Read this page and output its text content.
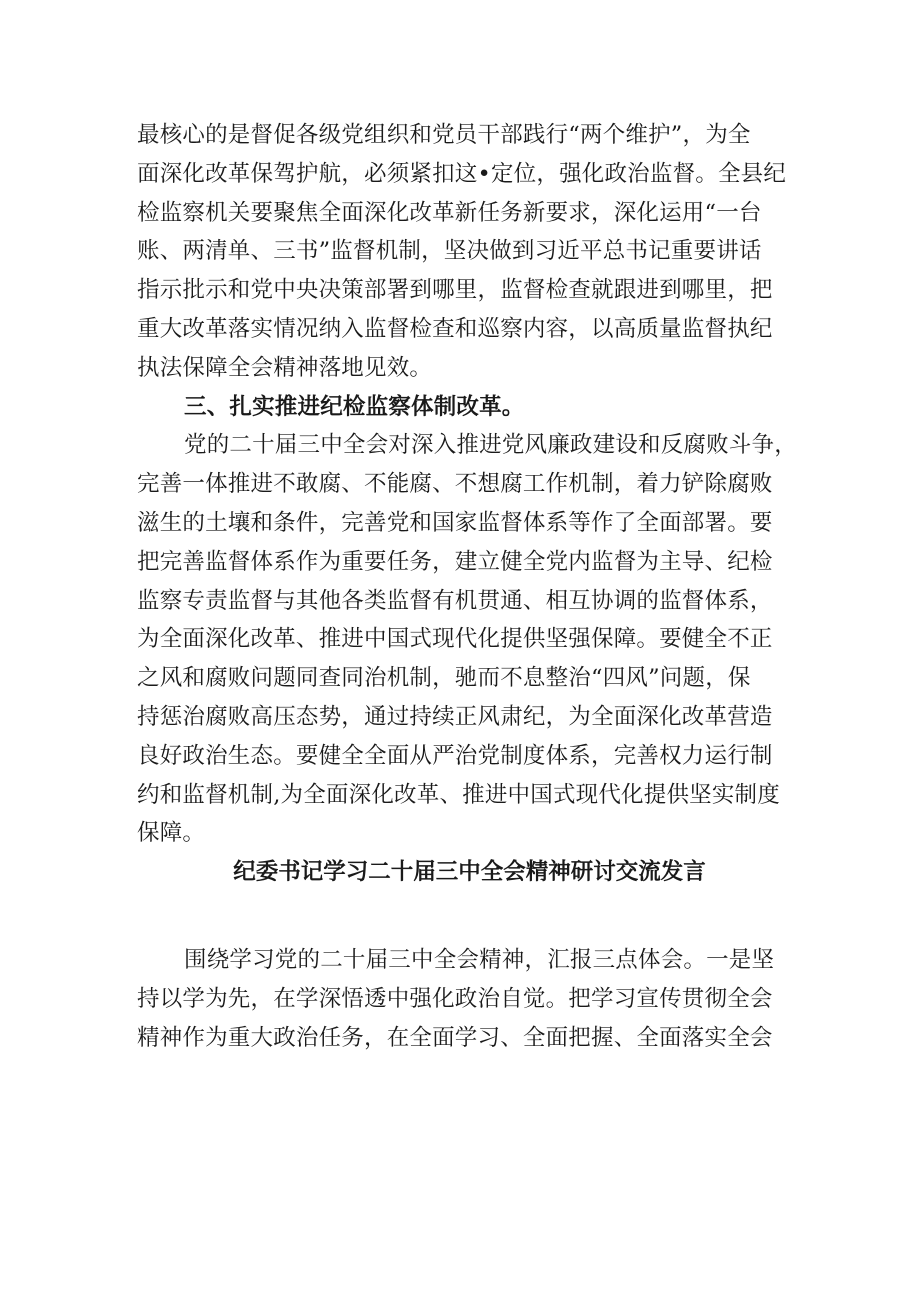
最核心的是督促各级党组织和党员干部践行“两个维护”，为全
面深化改革保驾护航，必须紧扣这•定位，强化政治监督。全县纪
检监察机关要聚焦全面深化改革新任务新要求，深化运用“一台
账、两清单、三书”监督机制，坚决做到习近平总书记重要讲话
指示批示和党中央决策部署到哪里，监督检查就跟进到哪里，把
重大改革落实情况纳入监督检查和巡察内容，以高质量监督执纪
执法保障全会精神落地见效。
三、扎实推进纪检监察体制改革。
党的二十届三中全会对深入推进党风廉政建设和反腐败斗争，
完善一体推进不敢腐、不能腐、不想腐工作机制，着力铲除腐败
滋生的土壤和条件，完善党和国家监督体系等作了全面部署。要
把完善监督体系作为重要任务，建立健全党内监督为主导、纪检
监察专责监督与其他各类监督有机贯通、相互协调的监督体系，
为全面深化改革、推进中国式现代化提供坚强保障。要健全不正
之风和腐败问题同查同治机制，驰而不息整治“四风”问题，保
持惩治腐败高压态势，通过持续正风肃纪，为全面深化改革营造
良好政治生态。要健全全面从严治党制度体系，完善权力运行制
约和监督机制,为全面深化改革、推进中国式现代化提供坚实制度
保障。
纪委书记学习二十届三中全会精神研讨交流发言
围绕学习党的二十届三中全会精神，汇报三点体会。一是坚
持以学为先，在学深悟透中强化政治自觉。把学习宣传贯彻全会
精神作为重大政治任务，在全面学习、全面把握、全面落实全会
